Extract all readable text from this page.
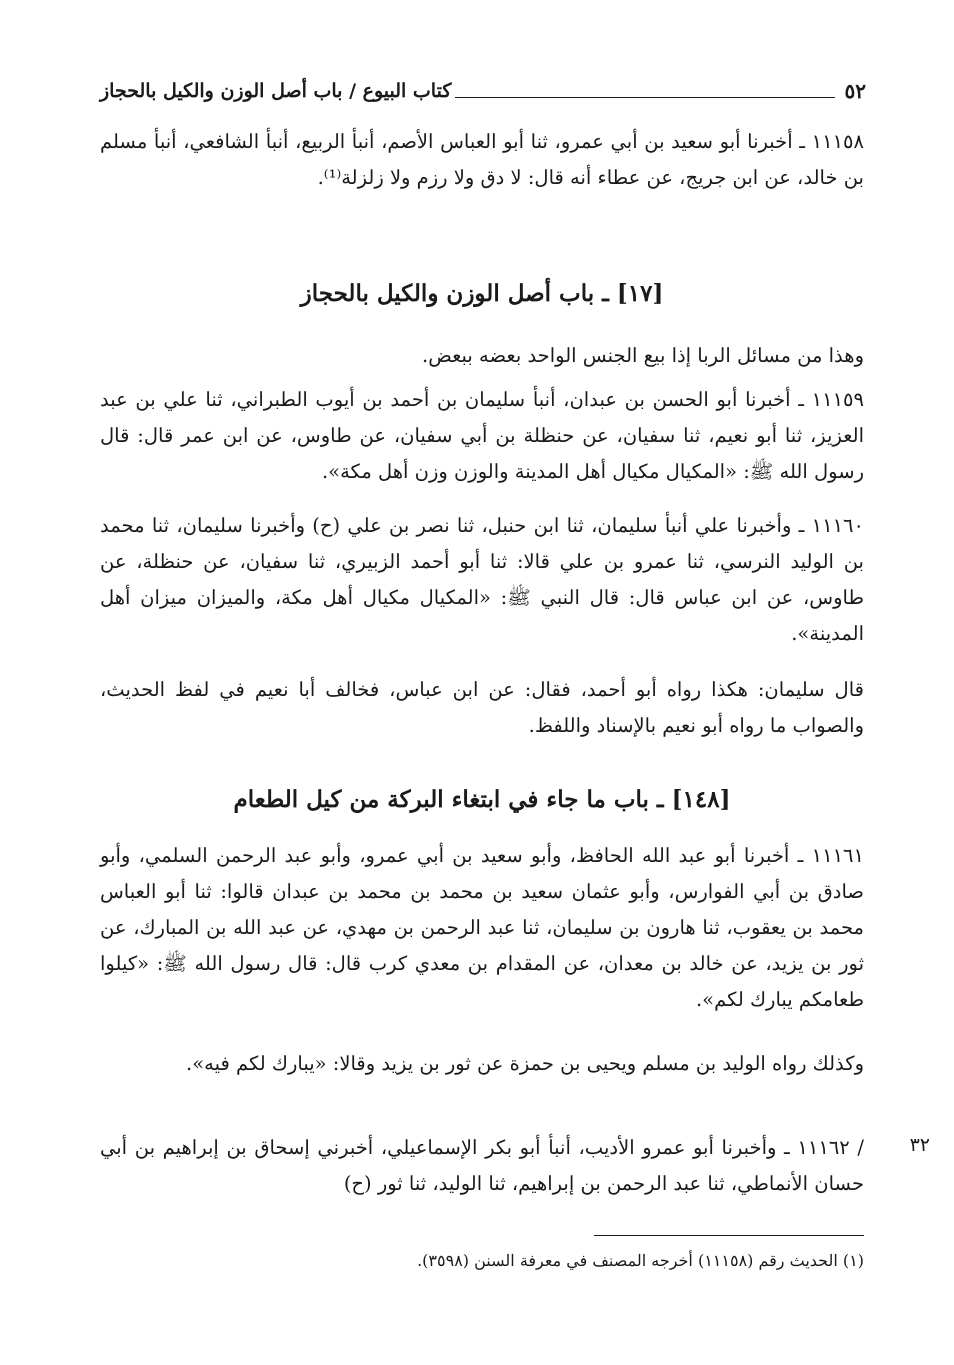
٥٢
كتاب البيوع / باب أصل الوزن والكيل بالحجاز
١١١٥٨ ـ أخبرنا أبو سعيد بن أبي عمرو، ثنا أبو العباس الأصم، أنبأ الربيع، أنبأ الشافعي، أنبأ مسلم بن خالد، عن ابن جريج، عن عطاء أنه قال: لا دق ولا رزم ولا زلزلة⁽¹⁾.
[١٧] ـ باب أصل الوزن والكيل بالحجاز
وهذا من مسائل الربا إذا بيع الجنس الواحد بعضه ببعض.
١١١٥٩ ـ أخبرنا أبو الحسن بن عبدان، أنبأ سليمان بن أحمد بن أيوب الطبراني، ثنا علي بن عبد العزيز، ثنا أبو نعيم، ثنا سفيان، عن حنظلة بن أبي سفيان، عن طاوس، عن ابن عمر قال: قال رسول الله ﷺ: «المكيال مكيال أهل المدينة والوزن وزن أهل مكة».
١١١٦٠ ـ وأخبرنا علي أنبأ سليمان، ثنا ابن حنبل، ثنا نصر بن علي (ح) وأخبرنا سليمان، ثنا محمد بن الوليد النرسي، ثنا عمرو بن علي قالا: ثنا أبو أحمد الزبيري، ثنا سفيان، عن حنظلة، عن طاوس، عن ابن عباس قال: قال النبي ﷺ: «المكيال مكيال أهل مكة، والميزان ميزان أهل المدينة».
قال سليمان: هكذا رواه أبو أحمد، فقال: عن ابن عباس، فخالف أبا نعيم في لفظ الحديث، والصواب ما رواه أبو نعيم بالإسناد واللفظ.
[١٤٨] ـ باب ما جاء في ابتغاء البركة من كيل الطعام
١١١٦١ ـ أخبرنا أبو عبد الله الحافظ، وأبو سعيد بن أبي عمرو، وأبو عبد الرحمن السلمي، وأبو صادق بن أبي الفوارس، وأبو عثمان سعيد بن محمد بن محمد بن عبدان قالوا: ثنا أبو العباس محمد بن يعقوب، ثنا هارون بن سليمان، ثنا عبد الرحمن بن مهدي، عن عبد الله بن المبارك، عن ثور بن يزيد، عن خالد بن معدان، عن المقدام بن معدي كرب قال: قال رسول الله ﷺ: «كيلوا طعامكم يبارك لكم».
وكذلك رواه الوليد بن مسلم ويحيى بن حمزة عن ثور بن يزيد وقالا: «يبارك لكم فيه».
٣٢
/ ١١١٦٢ ـ وأخبرنا أبو عمرو الأديب، أنبأ أبو بكر الإسماعيلي، أخبرني إسحاق بن إبراهيم بن أبي حسان الأنماطي، ثنا عبد الرحمن بن إبراهيم، ثنا الوليد، ثنا ثور (ح)
(١) الحديث رقم (١١١٥٨) أخرجه المصنف في معرفة السنن (٣٥٩٨).
